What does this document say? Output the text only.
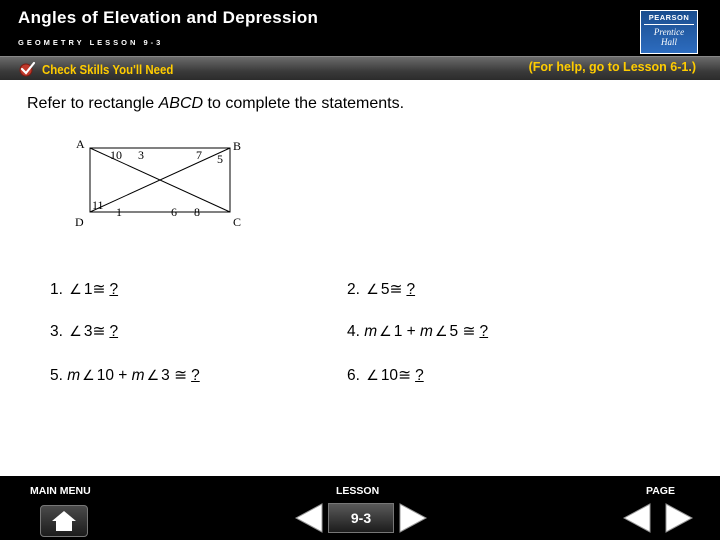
Angles of Elevation and Depression
GEOMETRY LESSON 9-3
PEARSON
Prentice
Hall
Check Skills You'll Need	(For help, go to Lesson 6-1.)
Refer to rectangle ABCD to complete the statements.
A	B
C
D
10 3	7 5
11 1	6 8
1. ∠ 1≅ ?	2. ∠ 5≅ ?
3. ∠ 3≅ ?	4. m ∠ 1 + m ∠ 5 ≅ ?
5. m ∠ 10 + m ∠ 3 ≅ ?	6. ∠ 10≅ ?
MAIN MENU	LESSON	PAGE
9-3
